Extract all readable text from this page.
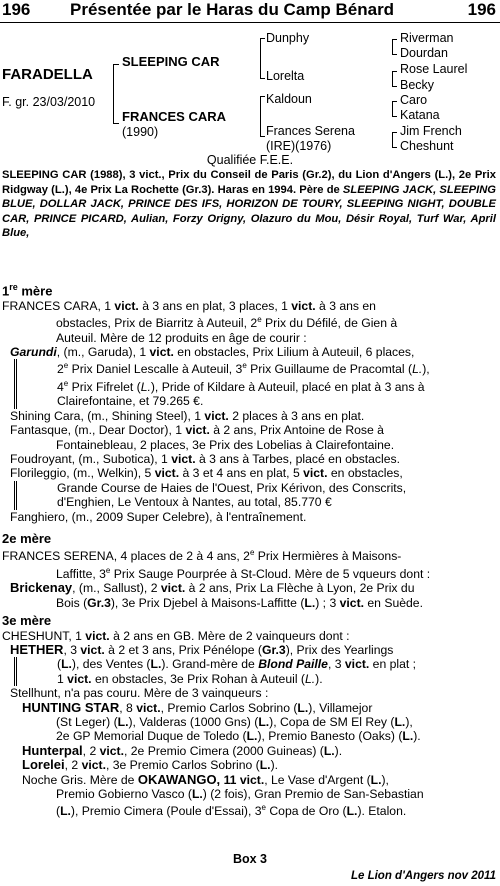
196 Présentée par le Haras du Camp Bénard	196
FARADELLA
F. gr. 23/03/2010
SLEEPING CAR
FRANCES CARA
(1990)
Dunphy
Lorelta
Kaldoun
Frances Serena
(IRE)(1976)
Riverman
Dourdan
Rose Laurel
Becky
Caro
Katana
Jim French
Cheshunt
Qualifiée F.E.E.
SLEEPING CAR (1988), 3 vict., Prix du Conseil de Paris (Gr.2), du Lion d'Angers (L.), 2e Prix Ridgway (L.), 4e Prix La Rochette (Gr.3). Haras en 1994. Père de SLEEPING JACK, SLEEPING BLUE, DOLLAR JACK, PRINCE DES IFS, HORIZON DE TOURY, SLEEPING NIGHT, DOUBLE CAR, PRINCE PICARD, Aulian, Forzy Origny, Olazuro du Mou, Désir Royal, Turf War, April Blue,
1re mère

FRANCES CARA, 1 vict. à 3 ans en plat, 3 places, 1 vict. à 3 ans en

obstacles, Prix de Biarritz à Auteuil, 2e Prix du Défilé, de Gien à

Auteuil. Mère de 12 produits en âge de courir :

Garundi, (m., Garuda), 1 vict. en obstacles, Prix Lilium à Auteuil, 6 places,

2e Prix Daniel Lescalle à Auteuil, 3e Prix Guillaume de Pracomtal (L.),

4e Prix Fifrelet (L.), Pride of Kildare à Auteuil, placé en plat à 3 ans à

Clairefontaine, et 79.265 €.

Shining Cara, (m., Shining Steel), 1 vict. 2 places à 3 ans en plat.

Fantasque, (m., Dear Doctor), 1 vict. à 2 ans, Prix Antoine de Rose à

Fontainebleau, 2 places, 3e Prix des Lobelias à Clairefontaine.

Foudroyant, (m., Subotica), 1 vict. à 3 ans à Tarbes, placé en obstacles.

Florileggio, (m., Welkin), 5 vict. à 3 et 4 ans en plat, 5 vict. en obstacles,

Grande Course de Haies de l'Ouest, Prix Kérivon, des Conscrits,

d'Enghien, Le Ventoux à Nantes, au total, 85.770 €

Fanghiero, (m., 2009 Super Celebre), à l'entraînement.

2e mère

FRANCES SERENA, 4 places de 2 à 4 ans, 2e Prix Hermières à Maisons-

Laffitte, 3e Prix Sauge Pourprée à St-Cloud. Mère de 5 vqueurs dont :

Brickenay, (m., Sallust), 2 vict. à 2 ans, Prix La Flèche à Lyon, 2e Prix du

Bois (Gr.3), 3e Prix Djebel à Maisons-Laffitte (L.) ; 3 vict. en Suède.

3e mère

CHESHUNT, 1 vict. à 2 ans en GB. Mère de 2 vainqueurs dont :

HETHER, 3 vict. à 2 et 3 ans, Prix Pénélope (Gr.3), Prix des Yearlings

(L.), des Ventes (L.). Grand-mère de Blond Paille, 3 vict. en plat ;

1 vict. en obstacles, 3e Prix Rohan à Auteuil (L.).

Stellhunt, n'a pas couru. Mère de 3 vainqueurs :

HUNTING STAR, 8 vict., Premio Carlos Sobrino (L.), Villamejor

(St Leger) (L.), Valderas (1000 Gns) (L.), Copa de SM El Rey (L.),

2e GP Memorial Duque de Toledo (L.), Premio Banesto (Oaks) (L.).

Hunterpal, 2 vict., 2e Premio Cimera (2000 Guineas) (L.).

Lorelei, 2 vict., 3e Premio Carlos Sobrino (L.).

Noche Gris. Mère de OKAWANGO, 11 vict., Le Vase d'Argent (L.),

Premio Gobierno Vasco (L.) (2 fois), Gran Premio de San-Sebastian

(L.), Premio Cimera (Poule d'Essai), 3e Copa de Oro (L.). Etalon.

Box 3
Le Lion d'Angers nov 2011
